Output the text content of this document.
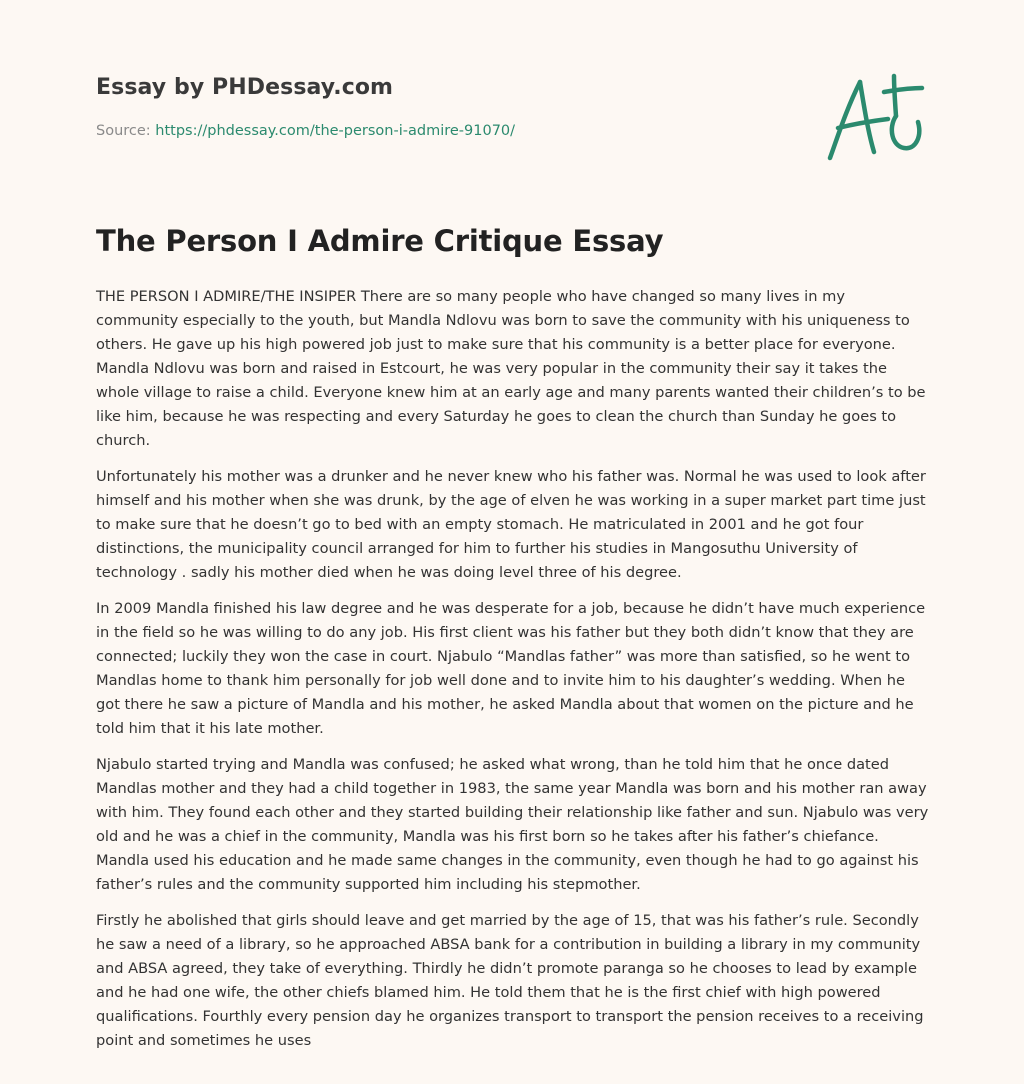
Essay by PHDessay.com
Source: https://phdessay.com/the-person-i-admire-91070/
The Person I Admire Critique Essay

THE PERSON I ADMIRE/THE INSIPER There are so many people who have changed so many lives in my community especially to the youth, but Mandla Ndlovu was born to save the community with his uniqueness to others. He gave up his high powered job just to make sure that his community is a better place for everyone. Mandla Ndlovu was born and raised in Estcourt, he was very popular in the community their say it takes the whole village to raise a child. Everyone knew him at an early age and many parents wanted their children’s to be like him, because he was respecting and every Saturday he goes to clean the church than Sunday he goes to church.

Unfortunately his mother was a drunker and he never knew who his father was. Normal he was used to look after himself and his mother when she was drunk, by the age of elven he was working in a super market part time just to make sure that he doesn’t go to bed with an empty stomach. He matriculated in 2001 and he got four distinctions, the municipality council arranged for him to further his studies in Mangosuthu University of technology . sadly his mother died when he was doing level three of his degree.

In 2009 Mandla finished his law degree and he was desperate for a job, because he didn’t have much experience in the field so he was willing to do any job. His first client was his father but they both didn’t know that they are connected; luckily they won the case in court. Njabulo “Mandlas father” was more than satisfied, so he went to Mandlas home to thank him personally for job well done and to invite him to his daughter’s wedding. When he got there he saw a picture of Mandla and his mother, he asked Mandla about that women on the picture and he told him that it his late mother.

Njabulo started trying and Mandla was confused; he asked what wrong, than he told him that he once dated Mandlas mother and they had a child together in 1983, the same year Mandla was born and his mother ran away with him. They found each other and they started building their relationship like father and sun. Njabulo was very old and he was a chief in the community, Mandla was his first born so he takes after his father’s chiefance. Mandla used his education and he made same changes in the community, even though he had to go against his father’s rules and the community supported him including his stepmother.

Firstly he abolished that girls should leave and get married by the age of 15, that was his father’s rule. Secondly he saw a need of a library, so he approached ABSA bank for a contribution in building a library in my community and ABSA agreed, they take of everything. Thirdly he didn’t promote paranga so he chooses to lead by example and he had one wife, the other chiefs blamed him. He told them that he is the first chief with high powered qualifications. Fourthly every pension day he organizes transport to transport the pension receives to a receiving point and sometimes he uses
